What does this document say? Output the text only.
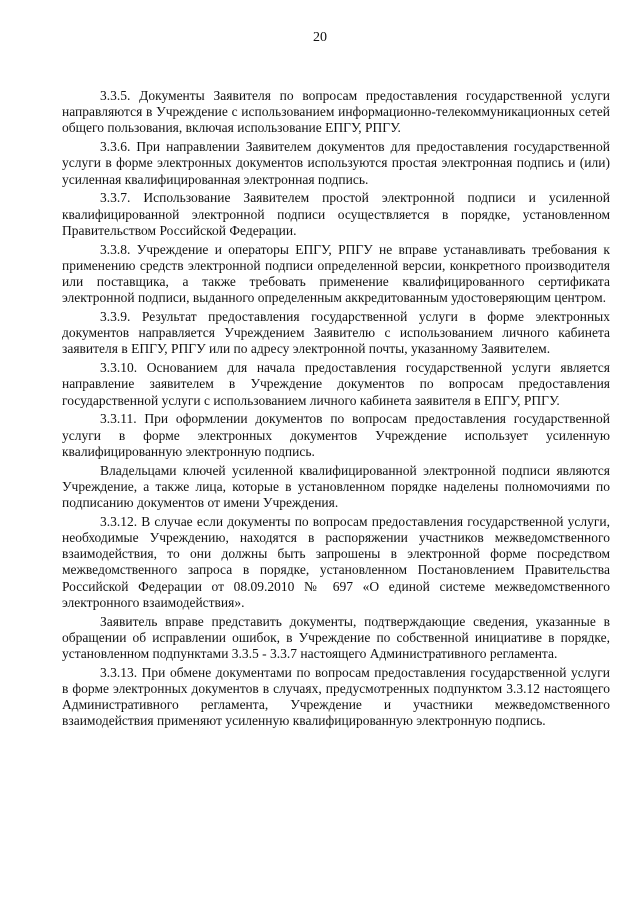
20

3.3.5. Документы Заявителя по вопросам предоставления государственной услуги направляются в Учреждение с использованием информационно-телекоммуникационных сетей общего пользования, включая использование ЕПГУ, РПГУ.

3.3.6. При направлении Заявителем документов для предоставления государственной услуги в форме электронных документов используются простая электронная подпись и (или) усиленная квалифицированная электронная подпись.

3.3.7. Использование Заявителем простой электронной подписи и усиленной квалифицированной электронной подписи осуществляется в порядке, установленном Правительством Российской Федерации.

3.3.8. Учреждение и операторы ЕПГУ, РПГУ не вправе устанавливать требования к применению средств электронной подписи определенной версии, конкретного производителя или поставщика, а также требовать применение квалифицированного сертификата электронной подписи, выданного определенным аккредитованным удостоверяющим центром.

3.3.9. Результат предоставления государственной услуги в форме электронных документов направляется Учреждением Заявителю с использованием личного кабинета заявителя в ЕПГУ, РПГУ или по адресу электронной почты, указанному Заявителем.

3.3.10. Основанием для начала предоставления государственной услуги является направление заявителем в Учреждение документов по вопросам предоставления государственной услуги с использованием личного кабинета заявителя в ЕПГУ, РПГУ.

3.3.11. При оформлении документов по вопросам предоставления государственной услуги в форме электронных документов Учреждение использует усиленную квалифицированную электронную подпись.

Владельцами ключей усиленной квалифицированной электронной подписи являются Учреждение, а также лица, которые в установленном порядке наделены полномочиями по подписанию документов от имени Учреждения.

3.3.12. В случае если документы по вопросам предоставления государственной услуги, необходимые Учреждению, находятся в распоряжении участников межведомственного взаимодействия, то они должны быть запрошены в электронной форме посредством межведомственного запроса в порядке, установленном Постановлением Правительства Российской Федерации от 08.09.2010 № 697 «О единой системе межведомственного электронного взаимодействия».

Заявитель вправе представить документы, подтверждающие сведения, указанные в обращении об исправлении ошибок, в Учреждение по собственной инициативе в порядке, установленном подпунктами 3.3.5 - 3.3.7 настоящего Административного регламента.

3.3.13. При обмене документами по вопросам предоставления государственной услуги в форме электронных документов в случаях, предусмотренных подпунктом 3.3.12 настоящего Административного регламента, Учреждение и участники межведомственного взаимодействия применяют усиленную квалифицированную электронную подпись.
